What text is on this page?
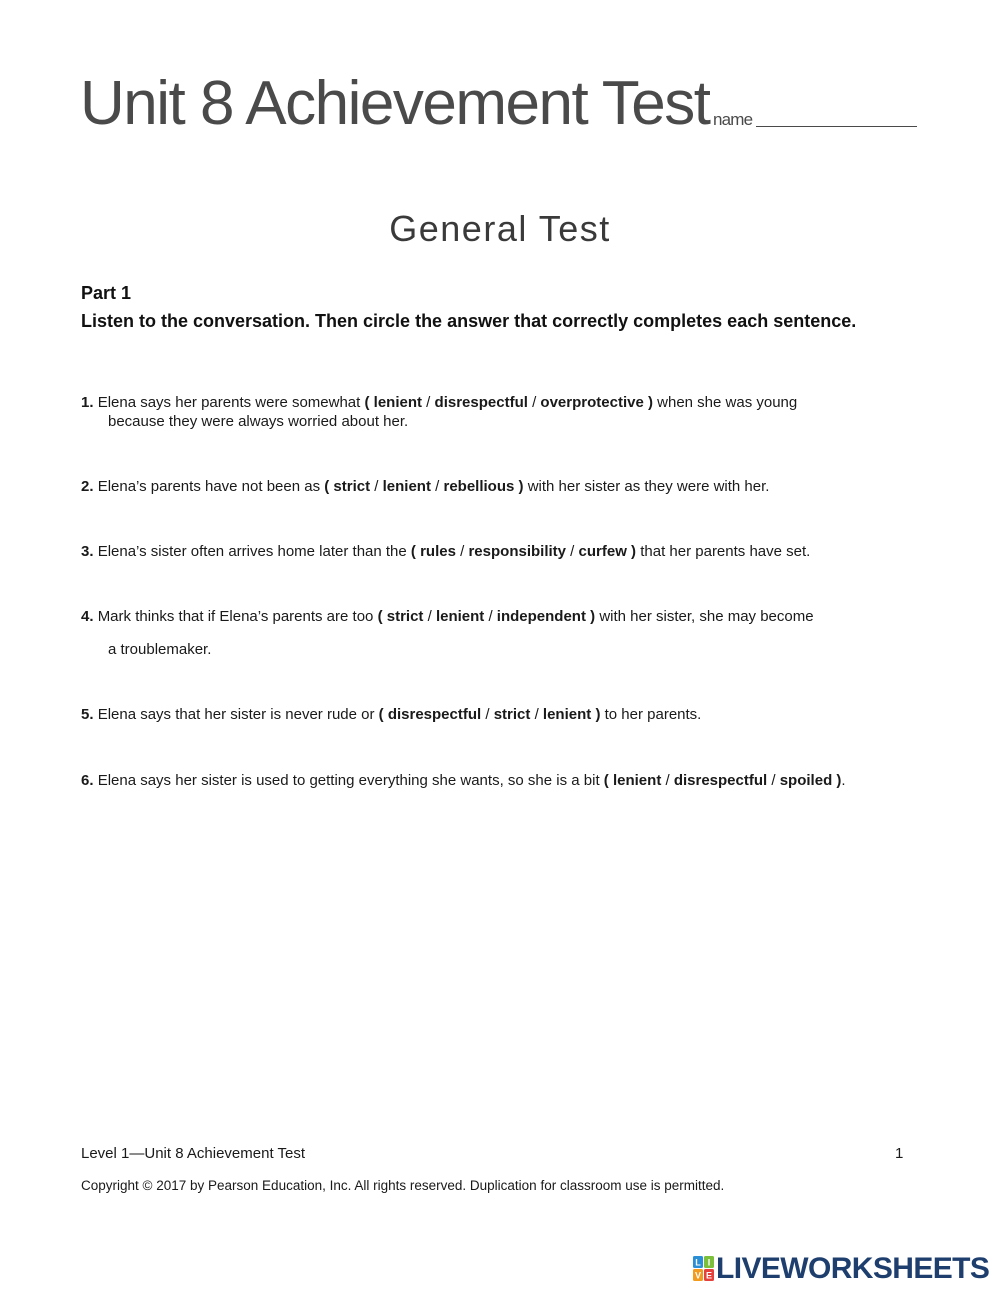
Unit 8 Achievement Test name
General Test
Part 1
Listen to the conversation. Then circle the answer that correctly completes each sentence.
1. Elena says her parents were somewhat ( lenient / disrespectful / overprotective ) when she was young
because they were always worried about her.
2. Elena’s parents have not been as ( strict / lenient / rebellious ) with her sister as they were with her.
3. Elena’s sister often arrives home later than the ( rules / responsibility / curfew ) that her parents have set.
4. Mark thinks that if Elena’s parents are too ( strict / lenient / independent ) with her sister, she may become
a troublemaker.
5. Elena says that her sister is never rude or ( disrespectful / strict / lenient ) to her parents.
6. Elena says her sister is used to getting everything she wants, so she is a bit ( lenient / disrespectful / spoiled ).
Level 1—Unit 8 Achievement Test	1
Copyright © 2017 by Pearson Education, Inc. All rights reserved. Duplication for classroom use is permitted.
L I
V E LIVEWORKSHEETS
